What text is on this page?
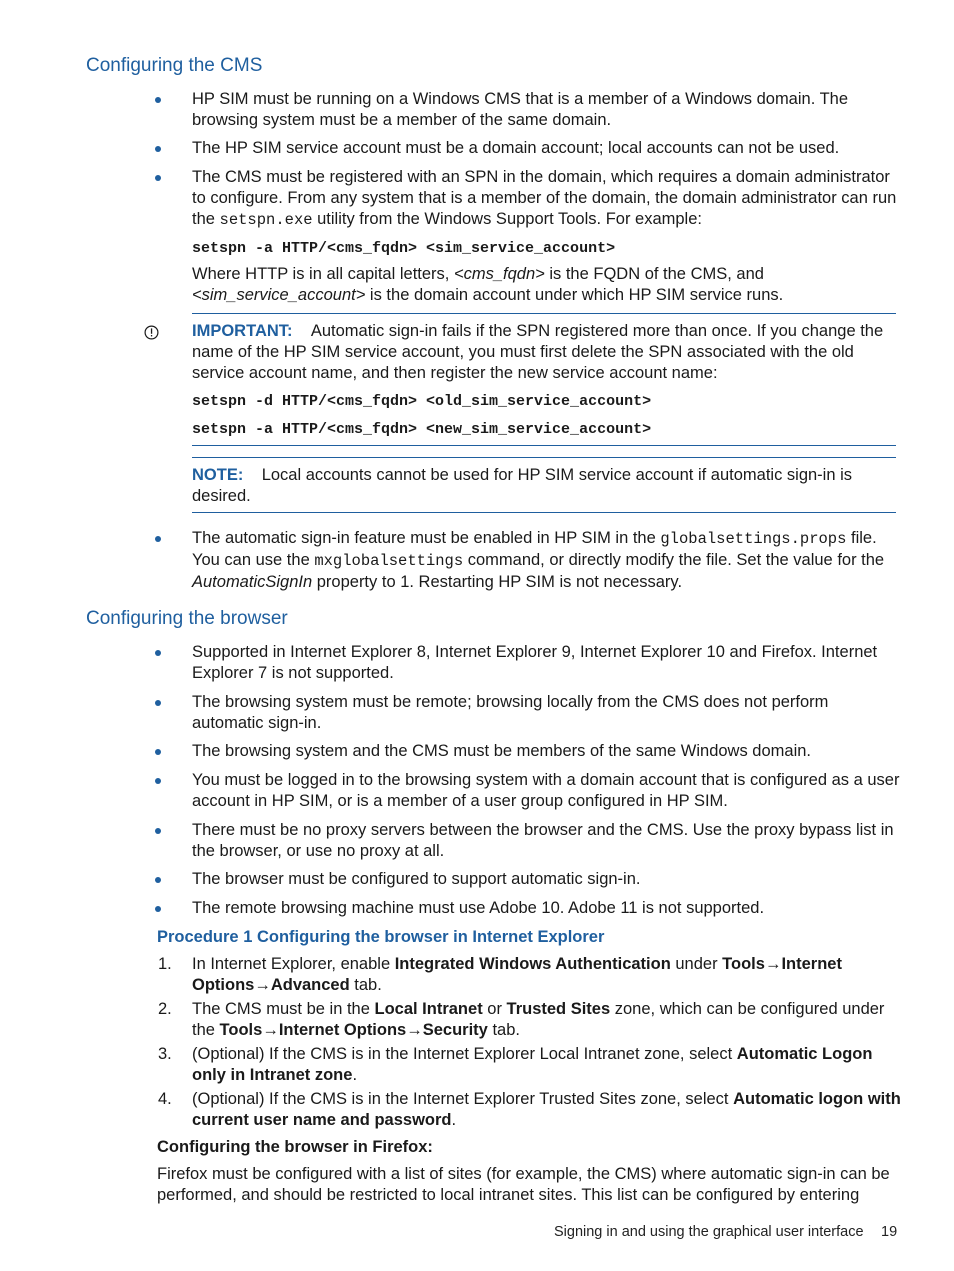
Configuring the CMS
HP SIM must be running on a Windows CMS that is a member of a Windows domain. The browsing system must be a member of the same domain.
The HP SIM service account must be a domain account; local accounts can not be used.
The CMS must be registered with an SPN in the domain, which requires a domain administrator to configure. From any system that is a member of the domain, the domain administrator can run the setspn.exe utility from the Windows Support Tools. For example:
setspn -a HTTP/<cms_fqdn> <sim_service_account>
Where HTTP is in all capital letters, <cms_fqdn> is the FQDN of the CMS, and <sim_service_account> is the domain account under which HP SIM service runs.
IMPORTANT: Automatic sign-in fails if the SPN registered more than once. If you change the name of the HP SIM service account, you must first delete the SPN associated with the old service account name, and then register the new service account name:
setspn -d HTTP/<cms_fqdn> <old_sim_service_account>
setspn -a HTTP/<cms_fqdn> <new_sim_service_account>
NOTE: Local accounts cannot be used for HP SIM service account if automatic sign-in is desired.
The automatic sign-in feature must be enabled in HP SIM in the globalsettings.props file. You can use the mxglobalsettings command, or directly modify the file. Set the value for the AutomaticSignIn property to 1. Restarting HP SIM is not necessary.
Configuring the browser
Supported in Internet Explorer 8, Internet Explorer 9, Internet Explorer 10 and Firefox. Internet Explorer 7 is not supported.
The browsing system must be remote; browsing locally from the CMS does not perform automatic sign-in.
The browsing system and the CMS must be members of the same Windows domain.
You must be logged in to the browsing system with a domain account that is configured as a user account in HP SIM, or is a member of a user group configured in HP SIM.
There must be no proxy servers between the browser and the CMS. Use the proxy bypass list in the browser, or use no proxy at all.
The browser must be configured to support automatic sign-in.
The remote browsing machine must use Adobe 10. Adobe 11 is not supported.
Procedure 1 Configuring the browser in Internet Explorer
1. In Internet Explorer, enable Integrated Windows Authentication under Tools→Internet Options→Advanced tab.
2. The CMS must be in the Local Intranet or Trusted Sites zone, which can be configured under the Tools→Internet Options→Security tab.
3. (Optional) If the CMS is in the Internet Explorer Local Intranet zone, select Automatic Logon only in Intranet zone.
4. (Optional) If the CMS is in the Internet Explorer Trusted Sites zone, select Automatic logon with current user name and password.
Configuring the browser in Firefox:
Firefox must be configured with a list of sites (for example, the CMS) where automatic sign-in can be performed, and should be restricted to local intranet sites. This list can be configured by entering
Signing in and using the graphical user interface 19
